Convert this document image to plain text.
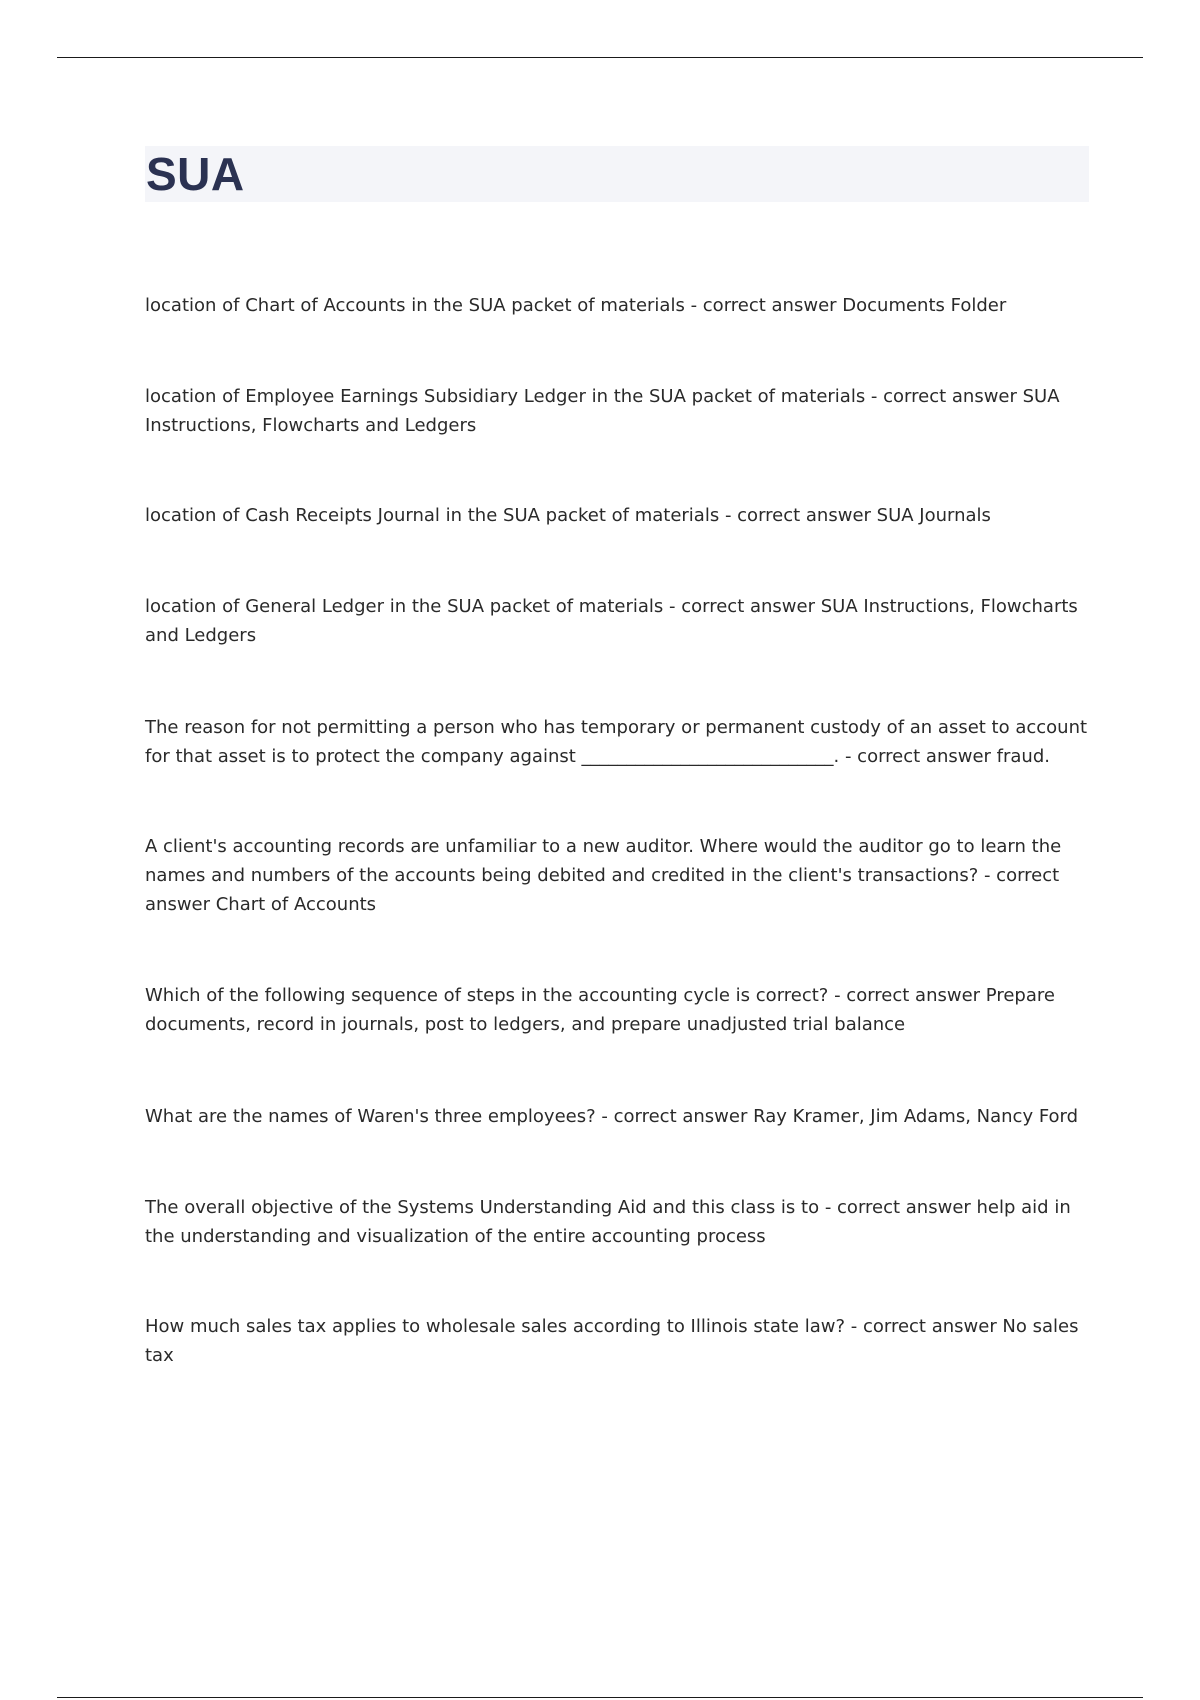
SUA

location of Chart of Accounts in the SUA packet of materials - correct answer Documents Folder

location of Employee Earnings Subsidiary Ledger in the SUA packet of materials - correct answer SUA Instructions, Flowcharts and Ledgers

location of Cash Receipts Journal in the SUA packet of materials - correct answer SUA Journals

location of General Ledger in the SUA packet of materials - correct answer SUA Instructions, Flowcharts and Ledgers

The reason for not permitting a person who has temporary or permanent custody of an asset to account for that asset is to protect the company against ____________________________. - correct answer fraud.

A client's accounting records are unfamiliar to a new auditor. Where would the auditor go to learn the names and numbers of the accounts being debited and credited in the client's transactions? - correct answer Chart of Accounts

Which of the following sequence of steps in the accounting cycle is correct? - correct answer Prepare documents, record in journals, post to ledgers, and prepare unadjusted trial balance

What are the names of Waren's three employees? - correct answer Ray Kramer, Jim Adams, Nancy Ford

The overall objective of the Systems Understanding Aid and this class is to - correct answer help aid in the understanding and visualization of the entire accounting process

How much sales tax applies to wholesale sales according to Illinois state law? - correct answer No sales tax
